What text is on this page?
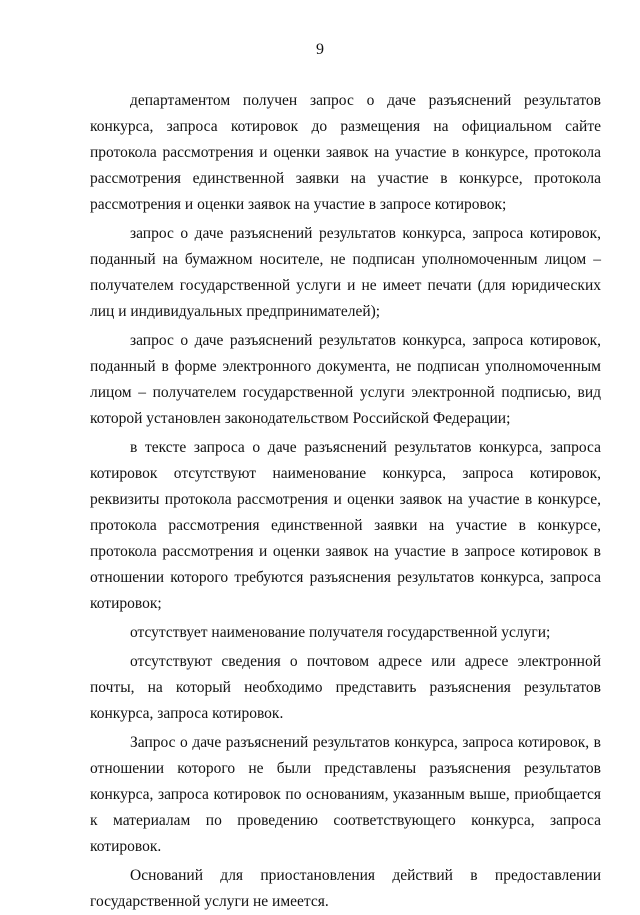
9

департаментом получен запрос о даче разъяснений результатов конкурса, запроса котировок до размещения на официальном сайте протокола рассмотрения и оценки заявок на участие в конкурсе, протокола рассмотрения единственной заявки на участие в конкурсе, протокола рассмотрения и оценки заявок на участие в запросе котировок;

запрос о даче разъяснений результатов конкурса, запроса котировок, поданный на бумажном носителе, не подписан уполномоченным лицом – получателем государственной услуги и не имеет печати (для юридических лиц и индивидуальных предпринимателей);

запрос о даче разъяснений результатов конкурса, запроса котировок, поданный в форме электронного документа, не подписан уполномоченным лицом – получателем государственной услуги электронной подписью, вид которой установлен законодательством Российской Федерации;

в тексте запроса о даче разъяснений результатов конкурса, запроса котировок отсутствуют наименование конкурса, запроса котировок, реквизиты протокола рассмотрения и оценки заявок на участие в конкурсе, протокола рассмотрения единственной заявки на участие в конкурсе, протокола рассмотрения и оценки заявок на участие в запросе котировок в отношении которого требуются разъяснения результатов конкурса, запроса котировок;

отсутствует наименование получателя государственной услуги;

отсутствуют сведения о почтовом адресе или адресе электронной почты, на который необходимо представить разъяснения результатов конкурса, запроса котировок.

Запрос о даче разъяснений результатов конкурса, запроса котировок, в отношении которого не были представлены разъяснения результатов конкурса, запроса котировок по основаниям, указанным выше, приобщается к материалам по проведению соответствующего конкурса, запроса котировок.

Оснований для приостановления действий в предоставлении государственной услуги не имеется.
